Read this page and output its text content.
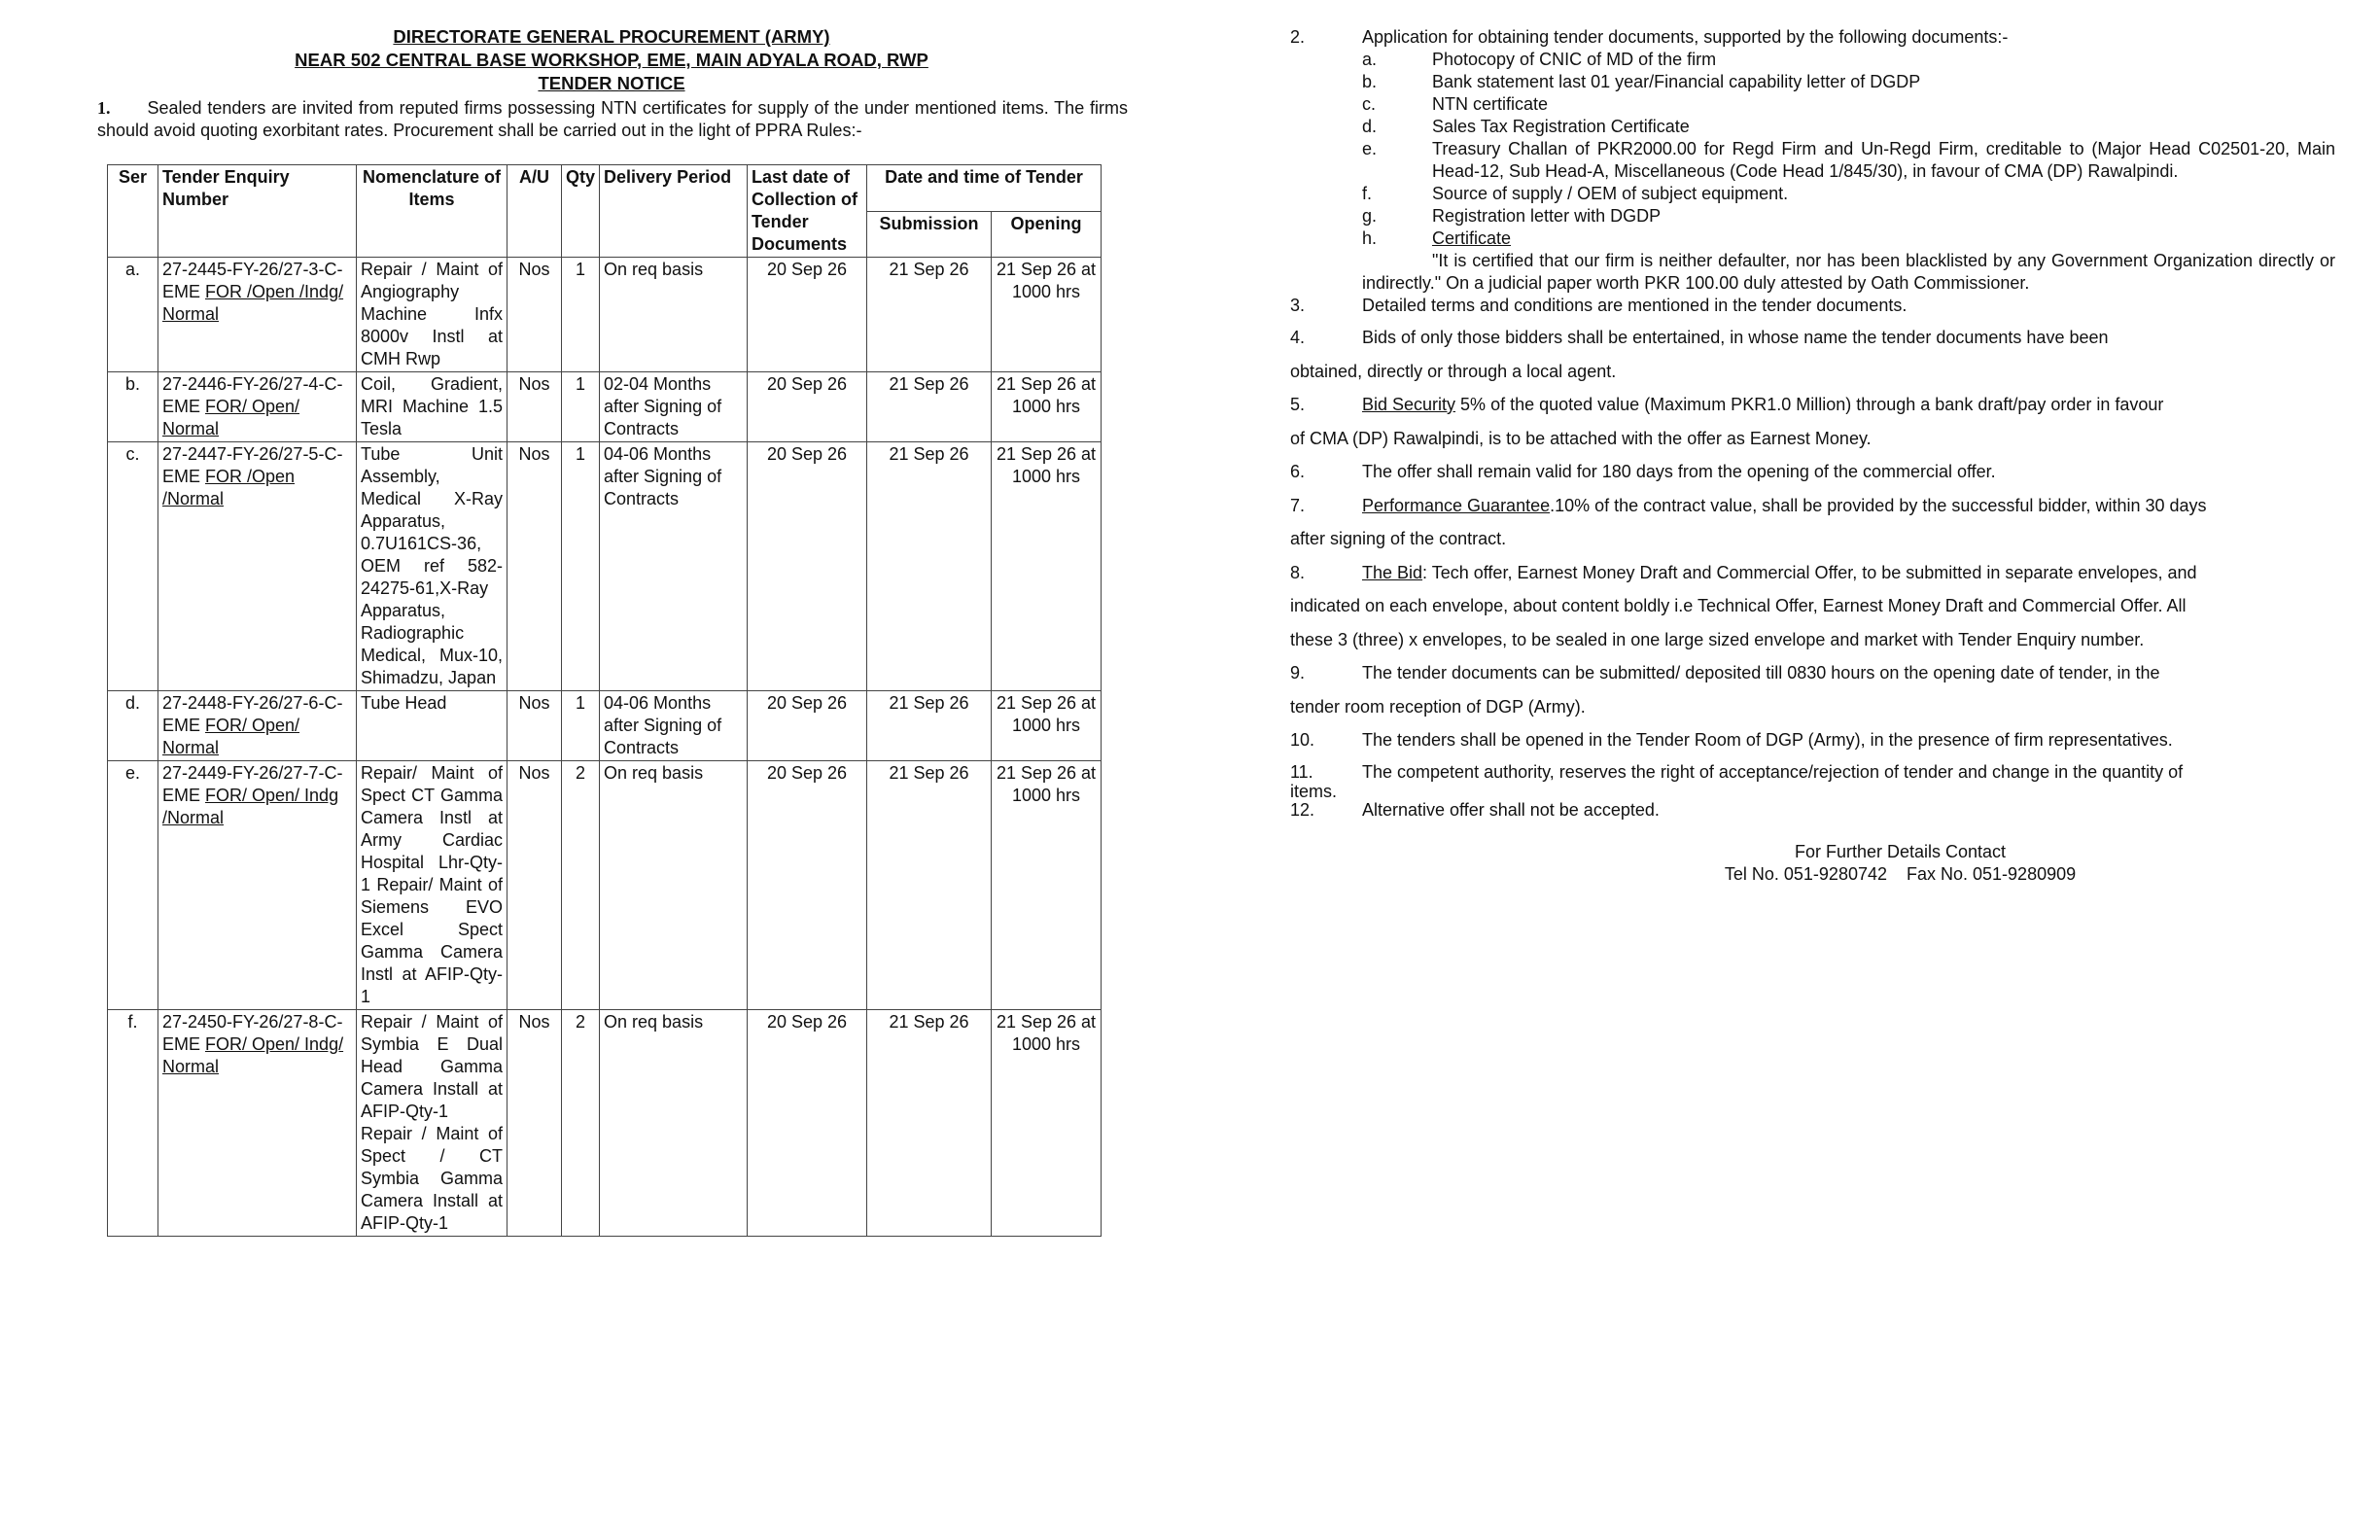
DIRECTORATE GENERAL PROCUREMENT (ARMY)
NEAR 502 CENTRAL BASE WORKSHOP, EME, MAIN ADYALA ROAD, RWP
TENDER NOTICE
1. Sealed tenders are invited from reputed firms possessing NTN certificates for supply of the under mentioned items. The firms should avoid quoting exorbitant rates. Procurement shall be carried out in the light of PPRA Rules:-
Ser	Tender Enquiry Number	Nomenclature of Items	A/U	Qty	Delivery Period	Last date of Collection of Tender Documents	Date and time of Tender	
							Submission	Opening
a.	27-2445-FY-26/27-3-C-EME FOR /Open /Indg/ Normal	Repair / Maint of Angiography Machine Infx 8000v Instl at CMH Rwp	Nos	1	On req basis	20 Sep 26	21 Sep 26	21 Sep 26 at 1000 hrs
b.	27-2446-FY-26/27-4-C-EME FOR/ Open/ Normal	Coil, Gradient, MRI Machine 1.5 Tesla	Nos	1	02-04 Months after Signing of Contracts	20 Sep 26	21 Sep 26	21 Sep 26 at 1000 hrs
c.	27-2447-FY-26/27-5-C-EME FOR /Open /Normal	Tube Unit Assembly, Medical X-Ray Apparatus, 0.7U161CS-36, OEM ref 582-24275-61,X-Ray Apparatus, Radiographic Medical, Mux-10, Shimadzu, Japan	Nos	1	04-06 Months after Signing of Contracts	20 Sep 26	21 Sep 26	21 Sep 26 at 1000 hrs
d.	27-2448-FY-26/27-6-C-EME FOR/ Open/ Normal	Tube Head	Nos	1	04-06 Months after Signing of Contracts	20 Sep 26	21 Sep 26	21 Sep 26 at 1000 hrs
e.	27-2449-FY-26/27-7-C-EME FOR/ Open/ Indg /Normal	Repair/ Maint of Spect CT Gamma Camera Instl at Army Cardiac Hospital Lhr-Qty-1 Repair/ Maint of Siemens EVO Excel Spect Gamma Camera Instl at AFIP-Qty-1	Nos	2	On req basis	20 Sep 26	21 Sep 26	21 Sep 26 at 1000 hrs
f.	27-2450-FY-26/27-8-C-EME FOR/ Open/ Indg/ Normal	Repair / Maint of Symbia E Dual Head Gamma Camera Install at AFIP-Qty-1 Repair / Maint of Spect / CT Symbia Gamma Camera Install at AFIP-Qty-1	Nos	2	On req basis	20 Sep 26	21 Sep 26	21 Sep 26 at 1000 hrs
2.	Application for obtaining tender documents, supported by the following documents:-
a.	Photocopy of CNIC of MD of the firm
b.	Bank statement last 01 year/Financial capability letter of DGDP
c.	NTN certificate
d.	Sales Tax Registration Certificate
e.	Treasury Challan of PKR2000.00 for Regd Firm and Un-Regd Firm, creditable to (Major Head C02501-20, Main Head-12, Sub Head-A, Miscellaneous (Code Head 1/845/30), in favour of CMA (DP) Rawalpindi.
f.	Source of supply / OEM of subject equipment.
g.	Registration letter with DGDP
h.	Certificate
"It is certified that our firm is neither defaulter, nor has been blacklisted by any Government Organization directly or indirectly." On a judicial paper worth PKR 100.00 duly attested by Oath Commissioner.
3.	Detailed terms and conditions are mentioned in the tender documents.
4.	Bids of only those bidders shall be entertained, in whose name the tender documents have been
obtained, directly or through a local agent.
5.	Bid Security 5% of the quoted value (Maximum PKR1.0 Million) through a bank draft/pay order in favour
of CMA (DP) Rawalpindi, is to be attached with the offer as Earnest Money.
6.	The offer shall remain valid for 180 days from the opening of the commercial offer.
7.	Performance Guarantee.10% of the contract value, shall be provided by the successful bidder, within 30 days
after signing of the contract.
8.	The Bid: Tech offer, Earnest Money Draft and Commercial Offer, to be submitted in separate envelopes, and
indicated on each envelope, about content boldly i.e Technical Offer, Earnest Money Draft and Commercial Offer. All
these 3 (three) x envelopes, to be sealed in one large sized envelope and market with Tender Enquiry number.
9.	The tender documents can be submitted/ deposited till 0830 hours on the opening date of tender, in the
tender room reception of DGP (Army).
10.	The tenders shall be opened in the Tender Room of DGP (Army), in the presence of firm representatives.
11.	The competent authority, reserves the right of acceptance/rejection of tender and change in the quantity of
items.
12.	Alternative offer shall not be accepted.
For Further Details Contact
Tel No. 051-9280742 Fax No. 051-9280909
